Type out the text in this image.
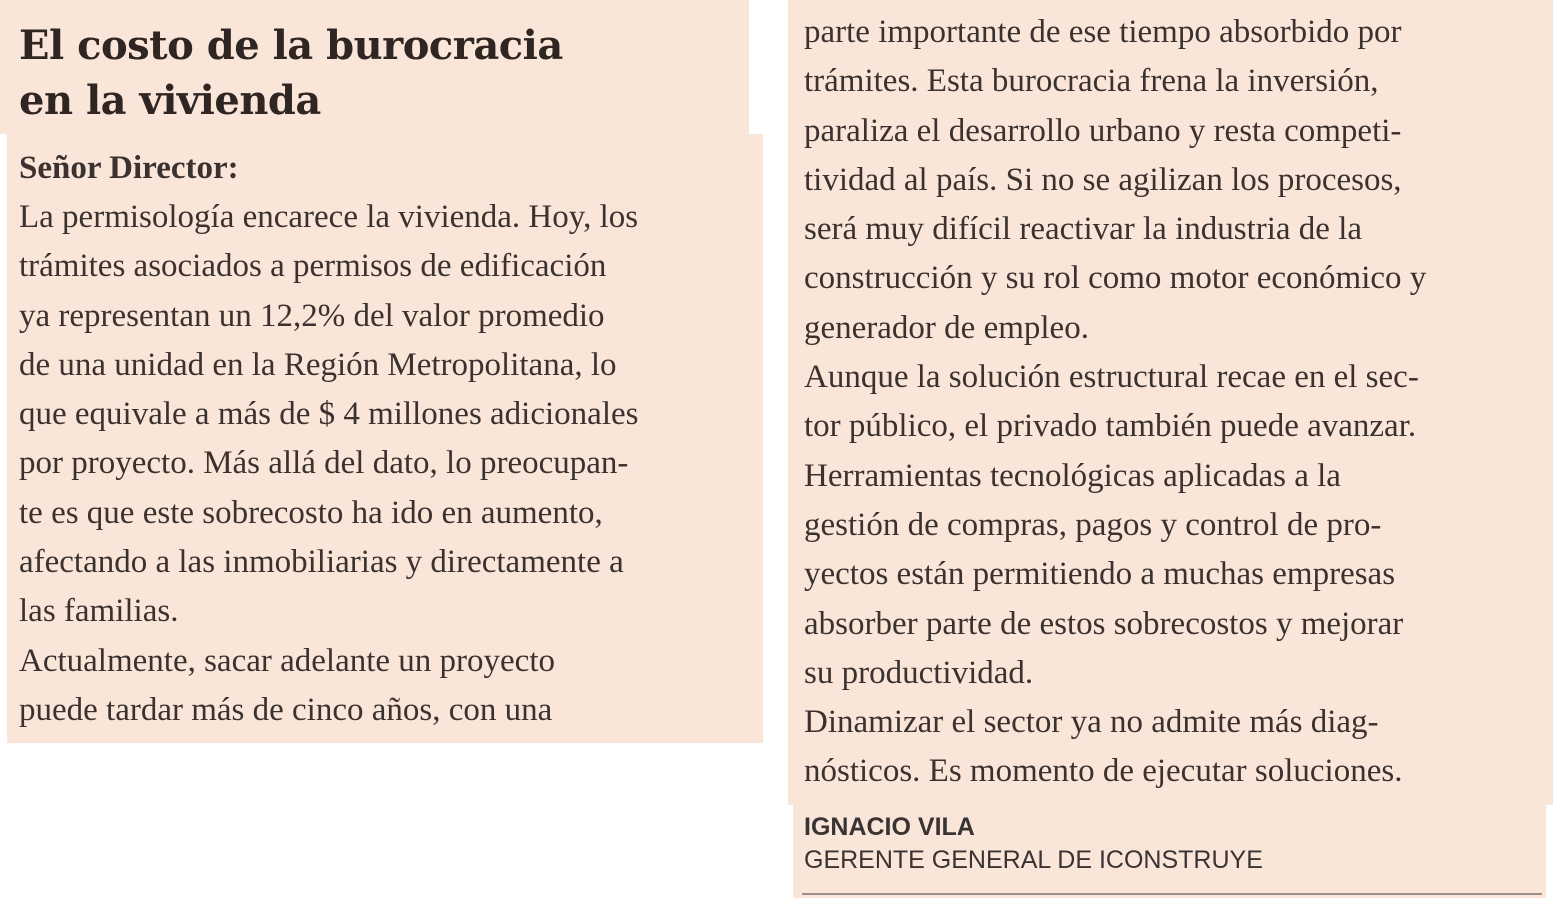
El costo de la burocracia
en la vivienda

Señor Director:

La permisología encarece la vivienda. Hoy, los
trámites asociados a permisos de edificación
ya representan un 12,2% del valor promedio
de una unidad en la Región Metropolitana, lo
que equivale a más de $ 4 millones adicionales
por proyecto. Más allá del dato, lo preocupan-
te es que este sobrecosto ha ido en aumento,
afectando a las inmobiliarias y directamente a
las familias.
Actualmente, sacar adelante un proyecto
puede tardar más de cinco años, con una
parte importante de ese tiempo absorbido por
trámites. Esta burocracia frena la inversión,
paraliza el desarrollo urbano y resta competi-
tividad al país. Si no se agilizan los procesos,
será muy difícil reactivar la industria de la
construcción y su rol como motor económico y
generador de empleo.
Aunque la solución estructural recae en el sec-
tor público, el privado también puede avanzar.
Herramientas tecnológicas aplicadas a la
gestión de compras, pagos y control de pro-
yectos están permitiendo a muchas empresas
absorber parte de estos sobrecostos y mejorar
su productividad.
Dinamizar el sector ya no admite más diag-
nósticos. Es momento de ejecutar soluciones.
IGNACIO VILA
GERENTE GENERAL DE ICONSTRUYE
